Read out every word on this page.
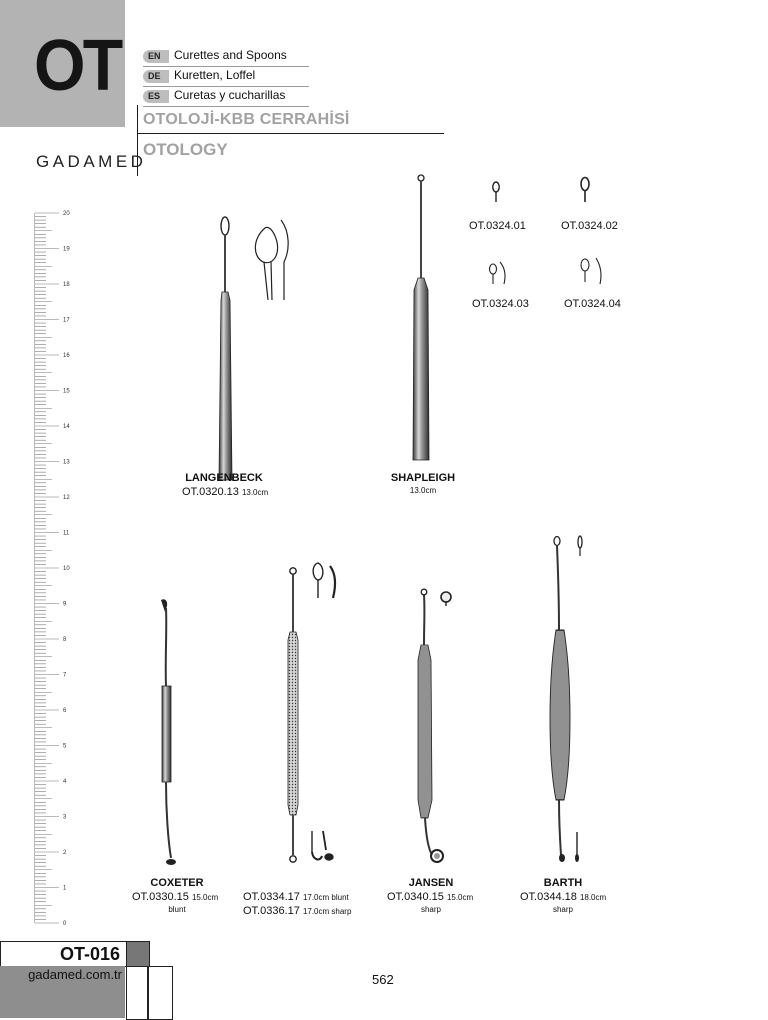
OT	EN	Curettes and Spoons
DE	Kuretten, Loffel
ES	Curetas y cucharillas
OTOLOJİ-KBB CERRAHİSİ
OTOLOGY
GADAMED
20
19
18
17
16
15
14
13
12
11
10
9
8
7
6
5
4
3
2
1
0
LANGENBECK
OT.0320.13 13.0cm
SHAPLEIGH
13.0cm
OT.0324.01	OT.0324.02
OT.0324.03	OT.0324.04
COXETER
OT.0330.15 15.0cm
blunt
OT.0334.17 17.0cm blunt
OT.0336.17 17.0cm sharp
JANSEN
OT.0340.15 15.0cm
sharp
BARTH
OT.0344.18 18.0cm
sharp
OT-016
gadamed.com.tr	562
